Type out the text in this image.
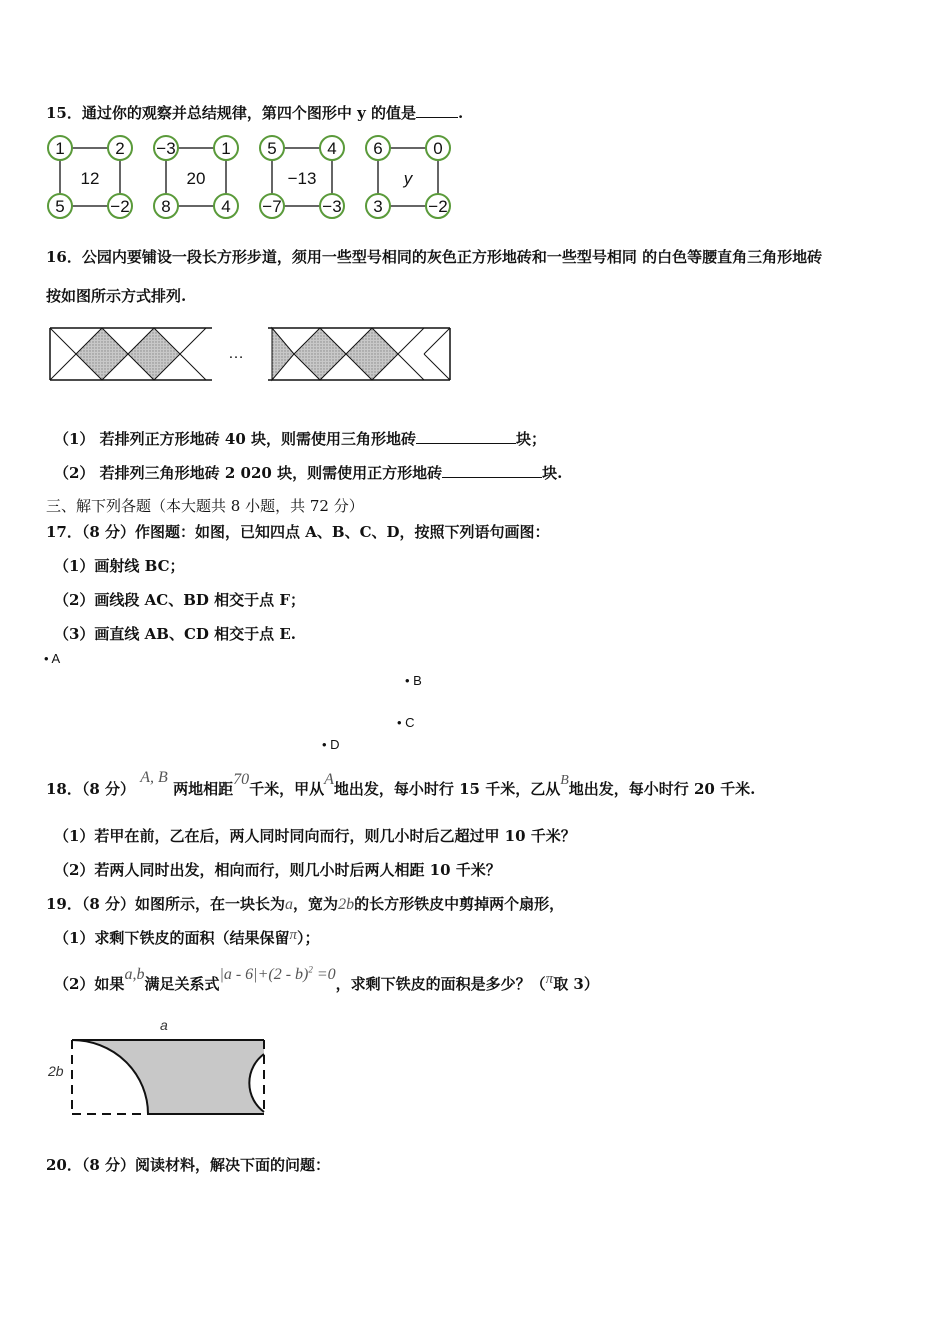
15．通过你的观察并总结规律，第四个图形中 y 的值是	.
1	2
5	−2
12
−3	1
8	4
20
5	4
−7 −3
−13
6	0
3	−2
y
16．公园内要铺设一段长方形步道，须用一些型号相同的灰色正方形地砖和一些型号相同 的白色等腰直角三角形地砖
按如图所示方式排列.
…
（1） 若排列正方形地砖 40 块，则需使用三角形地砖	块；
（2） 若排列三角形地砖 2 020 块，则需使用正方形地砖	块.
三、解下列各题（本大题共 8 小题，共 72 分）
17．（8 分）作图题：如图，已知四点 A、B、C、D，按照下列语句画图：
（1）画射线 BC；
（2）画线段 AC、BD 相交于点 F；
（3）画直线 AB、CD 相交于点 E.
• A
• B
• C
• D
18．（8 分） A, B 两地相距70千米，甲从A地出发，每小时行 15 千米，乙从B地出发，每小时行 20 千米.
（1）若甲在前，乙在后，两人同时同向而行，则几小时后乙超过甲 10 千米？
（2）若两人同时出发，相向而行，则几小时后两人相距 10 千米？
19．（8 分）如图所示，在一块长为a，宽为2b的长方形铁皮中剪掉两个扇形，
（1）求剩下铁皮的面积（结果保留π）；
（2）如果a,b满足关系式|a - 6|+(2 - b)$^2$ =0，求剩下铁皮的面积是多少？（π取 3）
a
2b
20．（8 分）阅读材料，解决下面的问题：
